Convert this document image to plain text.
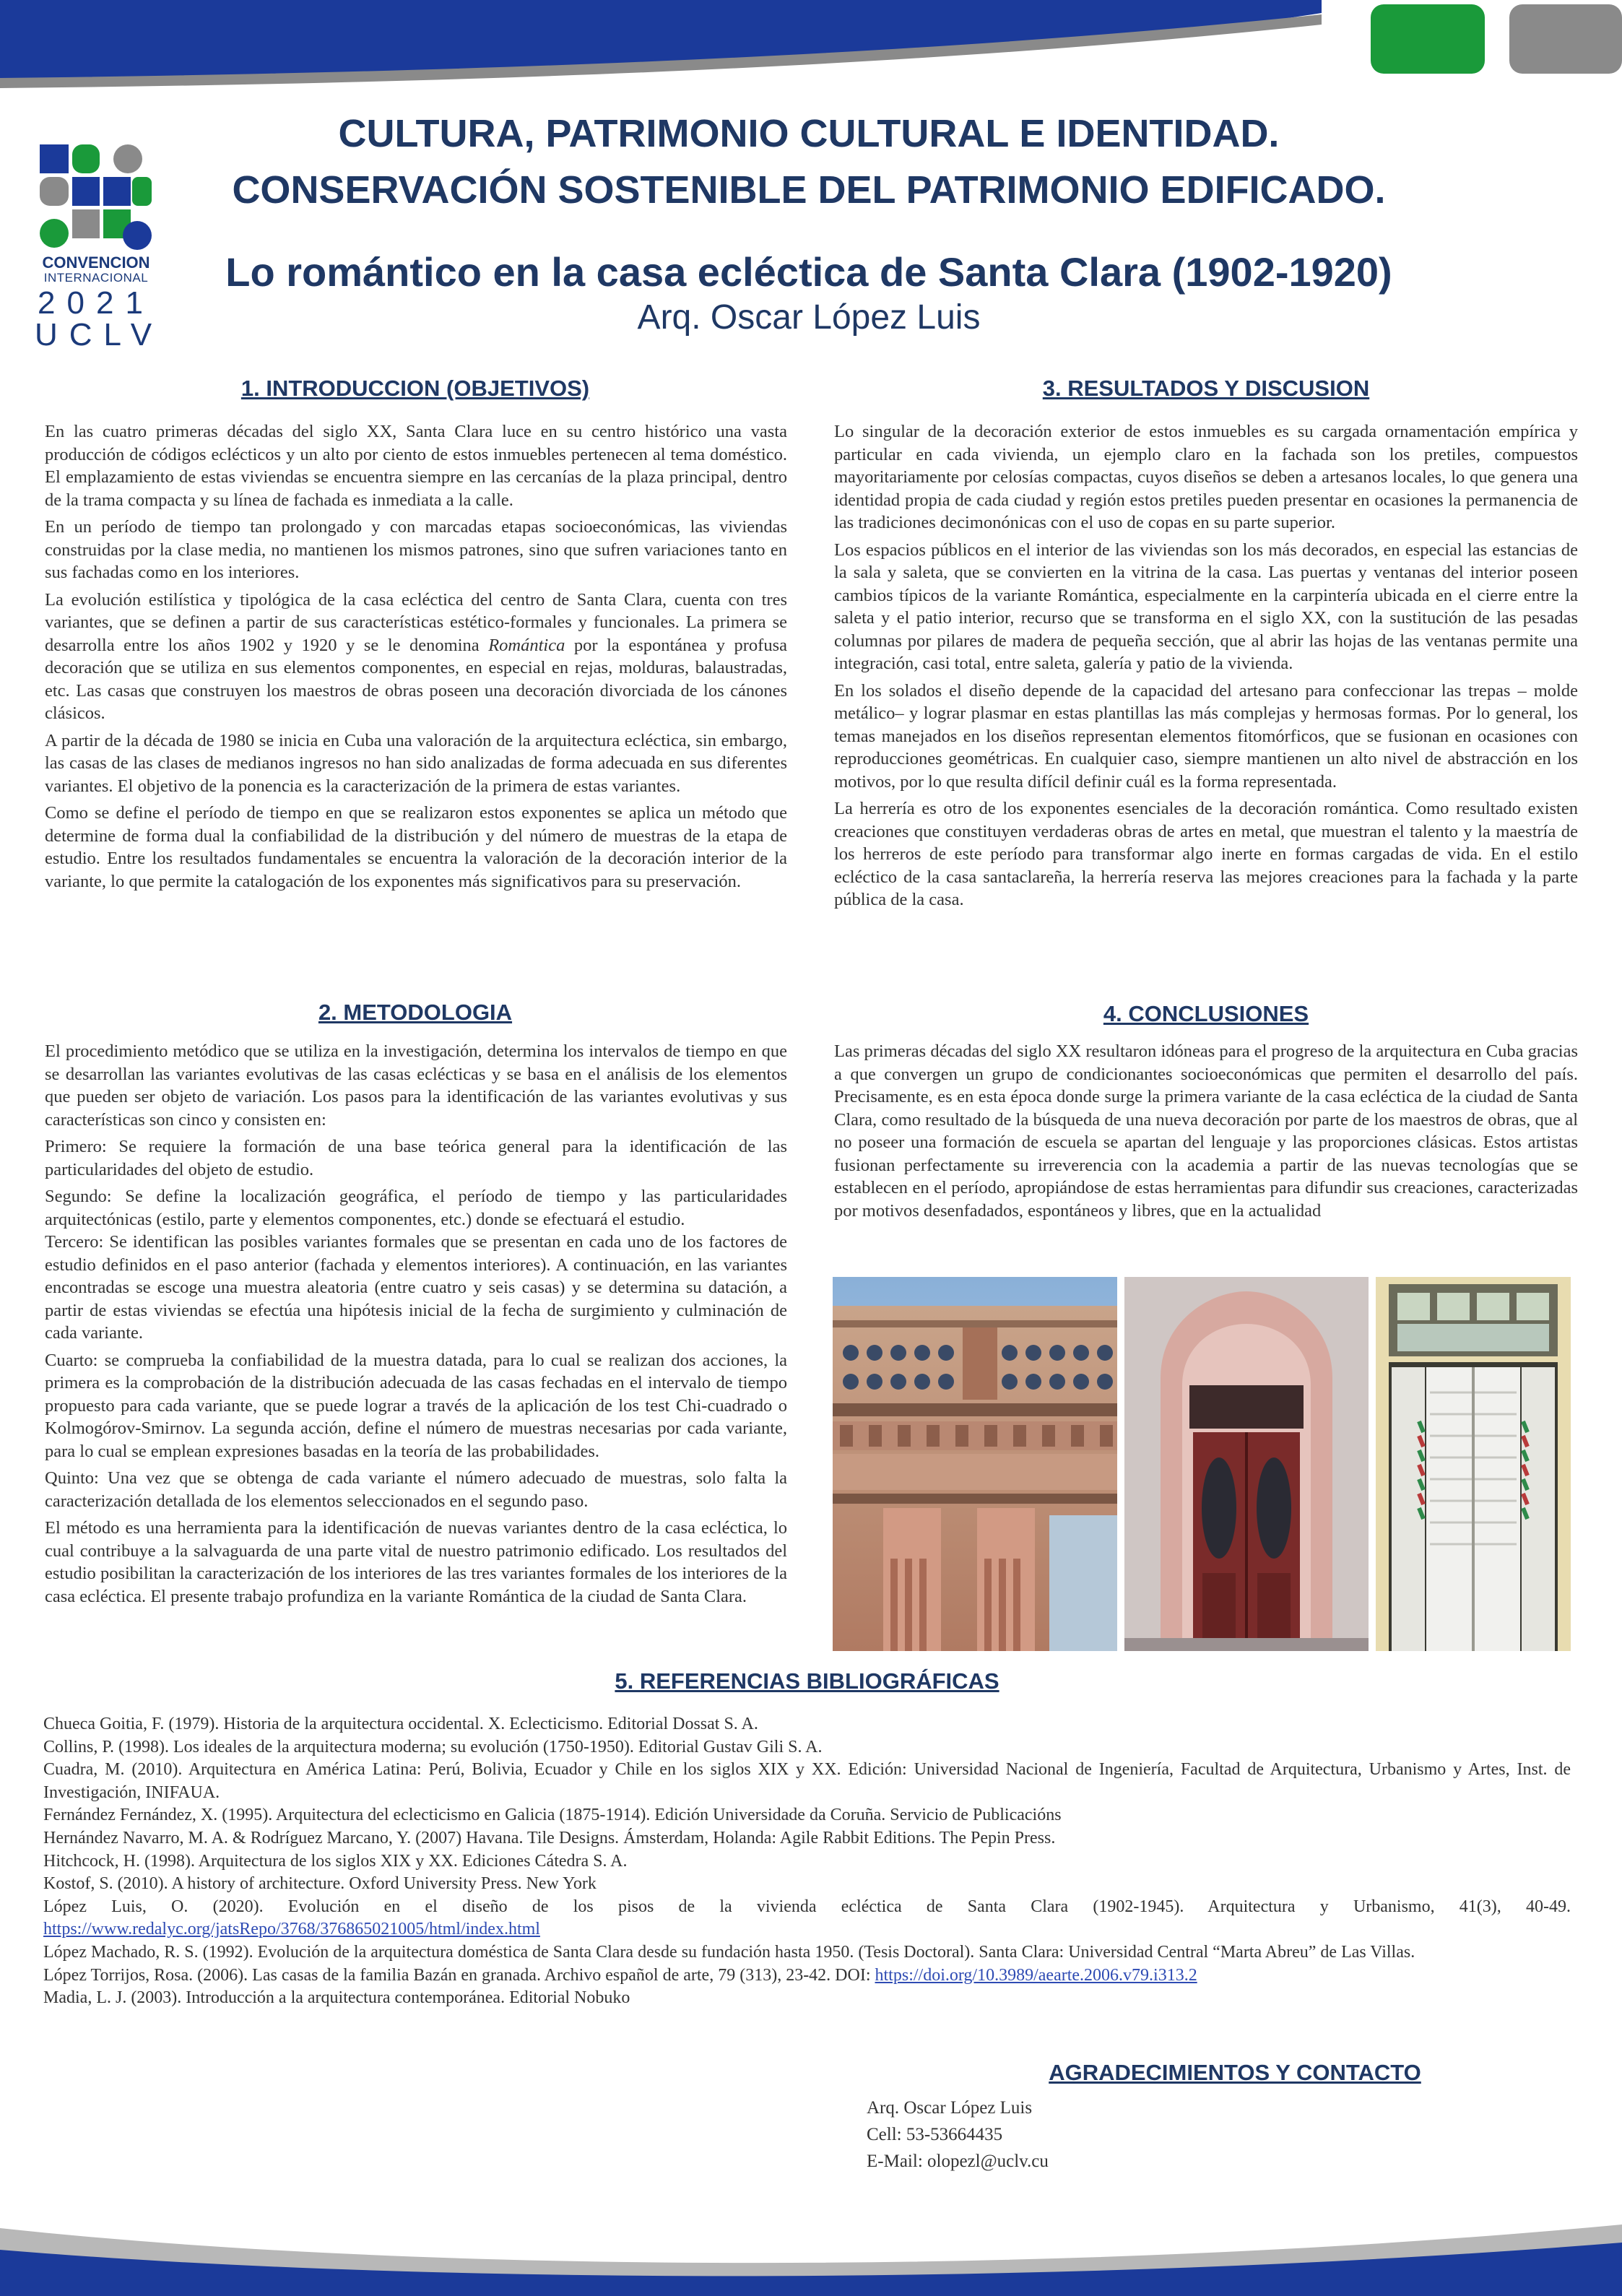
CONVENCION
INTERNACIONAL
2021
UCLV
CULTURA, PATRIMONIO CULTURAL E IDENTIDAD.
CONSERVACIÓN SOSTENIBLE DEL PATRIMONIO EDIFICADO.
Lo romántico en la casa ecléctica de Santa Clara (1902-1920)
Arq. Oscar López Luis
1. INTRODUCCION (OBJETIVOS)

En las cuatro primeras décadas del siglo XX, Santa Clara luce en su centro histórico una vasta producción de códigos eclécticos y un alto por ciento de estos inmuebles pertenecen al tema doméstico. El emplazamiento de estas viviendas se encuentra siempre en las cercanías de la plaza principal, dentro de la trama compacta y su línea de fachada es inmediata a la calle.

En un período de tiempo tan prolongado y con marcadas etapas socioeconómicas, las viviendas construidas por la clase media, no mantienen los mismos patrones, sino que sufren variaciones tanto en sus fachadas como en los interiores.

La evolución estilística y tipológica de la casa ecléctica del centro de Santa Clara, cuenta con tres variantes, que se definen a partir de sus características estético-formales y funcionales. La primera se desarrolla entre los años 1902 y 1920 y se le denomina Romántica por la espontánea y profusa decoración que se utiliza en sus elementos componentes, en especial en rejas, molduras, balaustradas, etc. Las casas que construyen los maestros de obras poseen una decoración divorciada de los cánones clásicos.

A partir de la década de 1980 se inicia en Cuba una valoración de la arquitectura ecléctica, sin embargo, las casas de las clases de medianos ingresos no han sido analizadas de forma adecuada en sus diferentes variantes. El objetivo de la ponencia es la caracterización de la primera de estas variantes.

Como se define el período de tiempo en que se realizaron estos exponentes se aplica un método que determine de forma dual la confiabilidad de la distribución y del número de muestras de la etapa de estudio. Entre los resultados fundamentales se encuentra la valoración de la decoración interior de la variante, lo que permite la catalogación de los exponentes más significativos para su preservación.

2. METODOLOGIA

El procedimiento metódico que se utiliza en la investigación, determina los intervalos de tiempo en que se desarrollan las variantes evolutivas de las casas eclécticas y se basa en el análisis de los elementos que pueden ser objeto de variación. Los pasos para la identificación de las variantes evolutivas y sus características son cinco y consisten en:

Primero: Se requiere la formación de una base teórica general para la identificación de las particularidades del objeto de estudio.

Segundo: Se define la localización geográfica, el período de tiempo y las particularidades arquitectónicas (estilo, parte y elementos componentes, etc.) donde se efectuará el estudio.

Tercero: Se identifican las posibles variantes formales que se presentan en cada uno de los factores de estudio definidos en el paso anterior (fachada y elementos interiores). A continuación, en las variantes encontradas se escoge una muestra aleatoria (entre cuatro y seis casas) y se determina su datación, a partir de estas viviendas se efectúa una hipótesis inicial de la fecha de surgimiento y culminación de cada variante.

Cuarto: se comprueba la confiabilidad de la muestra datada, para lo cual se realizan dos acciones, la primera es la comprobación de la distribución adecuada de las casas fechadas en el intervalo de tiempo propuesto para cada variante, que se puede lograr a través de la aplicación de los test Chi-cuadrado o Kolmogórov-Smirnov. La segunda acción, define el número de muestras necesarias por cada variante, para lo cual se emplean expresiones basadas en la teoría de las probabilidades.

Quinto: Una vez que se obtenga de cada variante el número adecuado de muestras, solo falta la caracterización detallada de los elementos seleccionados en el segundo paso.

El método es una herramienta para la identificación de nuevas variantes dentro de la casa ecléctica, lo cual contribuye a la salvaguarda de una parte vital de nuestro patrimonio edificado. Los resultados del estudio posibilitan la caracterización de los interiores de las tres variantes formales de los interiores de la casa ecléctica. El presente trabajo profundiza en la variante Romántica de la ciudad de Santa Clara.

3. RESULTADOS Y DISCUSION

Lo singular de la decoración exterior de estos inmuebles es su cargada ornamentación empírica y particular en cada vivienda, un ejemplo claro en la fachada son los pretiles, compuestos mayoritariamente por celosías compactas, cuyos diseños se deben a artesanos locales, lo que genera una identidad propia de cada ciudad y región estos pretiles pueden presentar en ocasiones la permanencia de las tradiciones decimonónicas con el uso de copas en su parte superior.

Los espacios públicos en el interior de las viviendas son los más decorados, en especial las estancias de la sala y saleta, que se convierten en la vitrina de la casa. Las puertas y ventanas del interior poseen cambios típicos de la variante Romántica, especialmente en la carpintería ubicada en el cierre entre la saleta y el patio interior, recurso que se transforma en el siglo XX, con la sustitución de las pesadas columnas por pilares de madera de pequeña sección, que al abrir las hojas de las ventanas permite una integración, casi total, entre saleta, galería y patio de la vivienda.

En los solados el diseño depende de la capacidad del artesano para confeccionar las trepas – molde metálico– y lograr plasmar en estas plantillas las más complejas y hermosas formas. Por lo general, los temas manejados en los diseños representan elementos fitomórficos, que se fusionan en ocasiones con reproducciones geométricas. En cualquier caso, siempre mantienen un alto nivel de abstracción en los motivos, por lo que resulta difícil definir cuál es la forma representada.

La herrería es otro de los exponentes esenciales de la decoración romántica. Como resultado existen creaciones que constituyen verdaderas obras de artes en metal, que muestran el talento y la maestría de los herreros de este período para transformar algo inerte en formas cargadas de vida. En el estilo ecléctico de la casa santaclareña, la herrería reserva las mejores creaciones para la fachada y la parte pública de la casa.

4. CONCLUSIONES

Las primeras décadas del siglo XX resultaron idóneas para el progreso de la arquitectura en Cuba gracias a que convergen un grupo de condicionantes socioeconómicas que permiten el desarrollo del país. Precisamente, es en esta época donde surge la primera variante de la casa ecléctica de la ciudad de Santa Clara, como resultado de la búsqueda de una nueva decoración por parte de los maestros de obras, que al no poseer una formación de escuela se apartan del lenguaje y las proporciones clásicas. Estos artistas fusionan perfectamente su irreverencia con la academia a partir de las nuevas tecnologías que se establecen en el período, apropiándose de estas herramientas para difundir sus creaciones, caracterizadas por motivos desenfadados, espontáneos y libres, que en la actualidad

5. REFERENCIAS BIBLIOGRÁFICAS

Chueca Goitia, F. (1979). Historia de la arquitectura occidental. X. Eclecticismo. Editorial Dossat S. A.

Collins, P. (1998). Los ideales de la arquitectura moderna; su evolución (1750-1950). Editorial Gustav Gili S. A.

Cuadra, M. (2010). Arquitectura en América Latina: Perú, Bolivia, Ecuador y Chile en los siglos XIX y XX. Edición: Universidad Nacional de Ingeniería, Facultad de Arquitectura, Urbanismo y Artes, Inst. de Investigación, INIFAUA.

Fernández Fernández, X. (1995). Arquitectura del eclecticismo en Galicia (1875-1914). Edición Universidade da Coruña. Servicio de Publicacións

Hernández Navarro, M. A. & Rodríguez Marcano, Y. (2007) Havana. Tile Designs. Ámsterdam, Holanda: Agile Rabbit Editions. The Pepin Press.

Hitchcock, H. (1998). Arquitectura de los siglos XIX y XX. Ediciones Cátedra S. A.

Kostof, S. (2010). A history of architecture. Oxford University Press. New York

López Luis, O. (2020). Evolución en el diseño de los pisos de la vivienda ecléctica de Santa Clara (1902-1945). Arquitectura y Urbanismo, 41(3), 40-49. https://www.redalyc.org/jatsRepo/3768/376865021005/html/index.html

López Machado, R. S. (1992). Evolución de la arquitectura doméstica de Santa Clara desde su fundación hasta 1950. (Tesis Doctoral). Santa Clara: Universidad Central “Marta Abreu” de Las Villas.

López Torrijos, Rosa. (2006). Las casas de la familia Bazán en granada. Archivo español de arte, 79 (313), 23-42. DOI: https://doi.org/10.3989/aearte.2006.v79.i313.2

Madia, L. J. (2003). Introducción a la arquitectura contemporánea. Editorial Nobuko

AGRADECIMIENTOS Y CONTACTO
Arq. Oscar López Luis
Cell: 53-53664435
E-Mail: olopezl@uclv.cu
